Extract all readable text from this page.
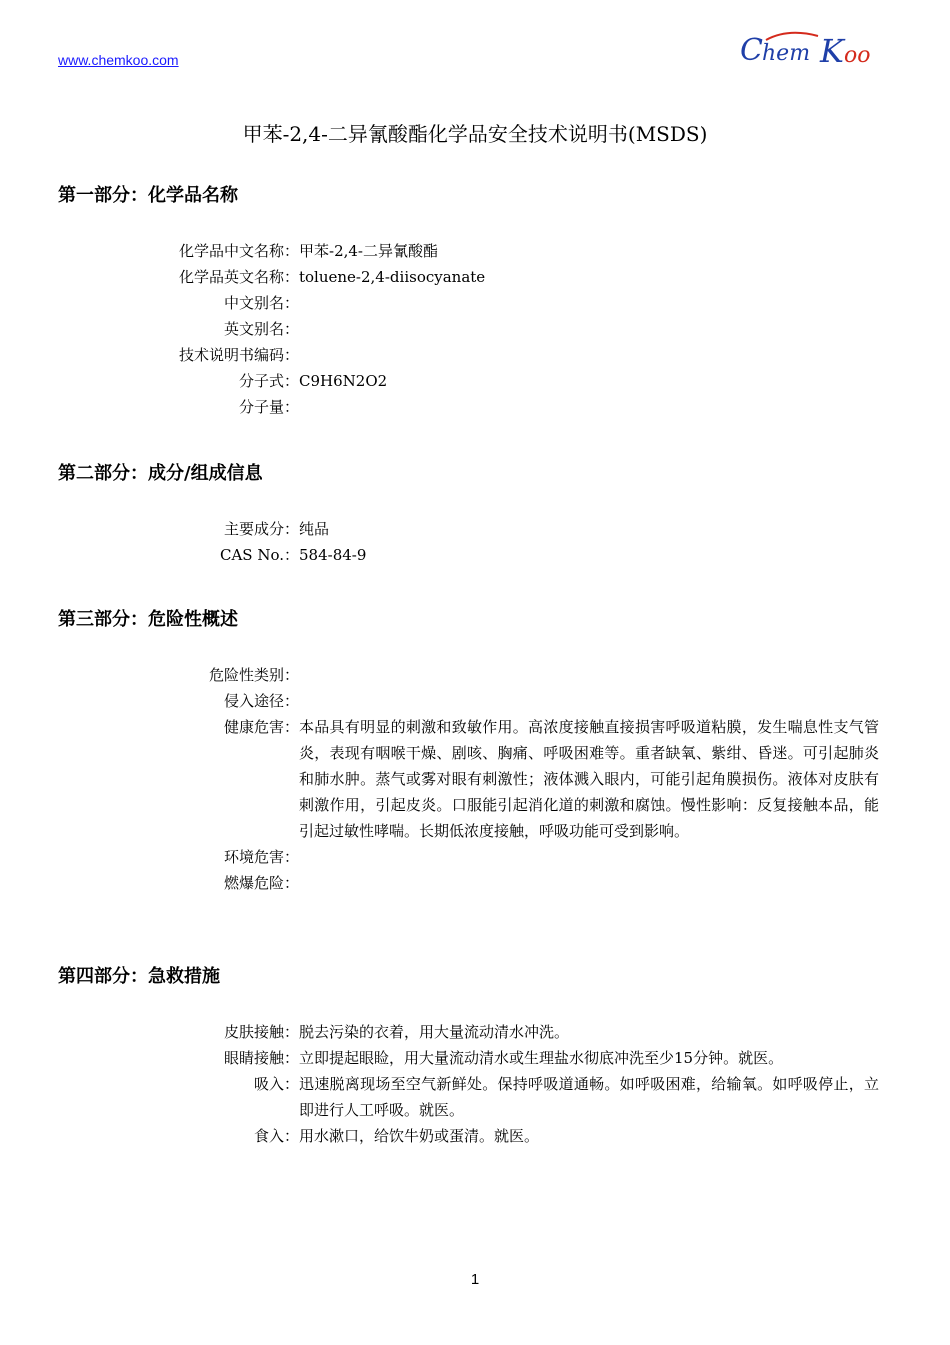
www.chemkoo.com	C hem K oo
甲苯-2,4-二异氰酸酯化学品安全技术说明书(MSDS)
第一部分：化学品名称
化学品中文名称： 甲苯-2,4-二异氰酸酯
化学品英文名称： toluene-2,4-diisocyanate
中文别名：
英文别名：
技术说明书编码：
分子式： C9H6N2O2
分子量：
第二部分：成分/组成信息
主要成分： 纯品
CAS No.： 584-84-9
第三部分：危险性概述
危险性类别：
侵入途径：
健康危害： 本品具有明显的刺激和致敏作用。高浓度接触直接损害呼吸道粘膜，发生喘息性支气管炎，表现有咽喉干燥、剧咳、胸痛、呼吸困难等。重者缺氧、紫绀、昏迷。可引起肺炎和肺水肿。蒸气或雾对眼有刺激性；液体溅入眼内，可能引起角膜损伤。液体对皮肤有刺激作用，引起皮炎。口服能引起消化道的刺激和腐蚀。慢性影响：反复接触本品，能引起过敏性哮喘。长期低浓度接触，呼吸功能可受到影响。
环境危害：
燃爆危险：
第四部分：急救措施
皮肤接触： 脱去污染的衣着，用大量流动清水冲洗。
眼睛接触： 立即提起眼睑，用大量流动清水或生理盐水彻底冲洗至少15分钟。就医。
吸入： 迅速脱离现场至空气新鲜处。保持呼吸道通畅。如呼吸困难，给输氧。如呼吸停止，立即进行人工呼吸。就医。
食入： 用水漱口，给饮牛奶或蛋清。就医。
1
